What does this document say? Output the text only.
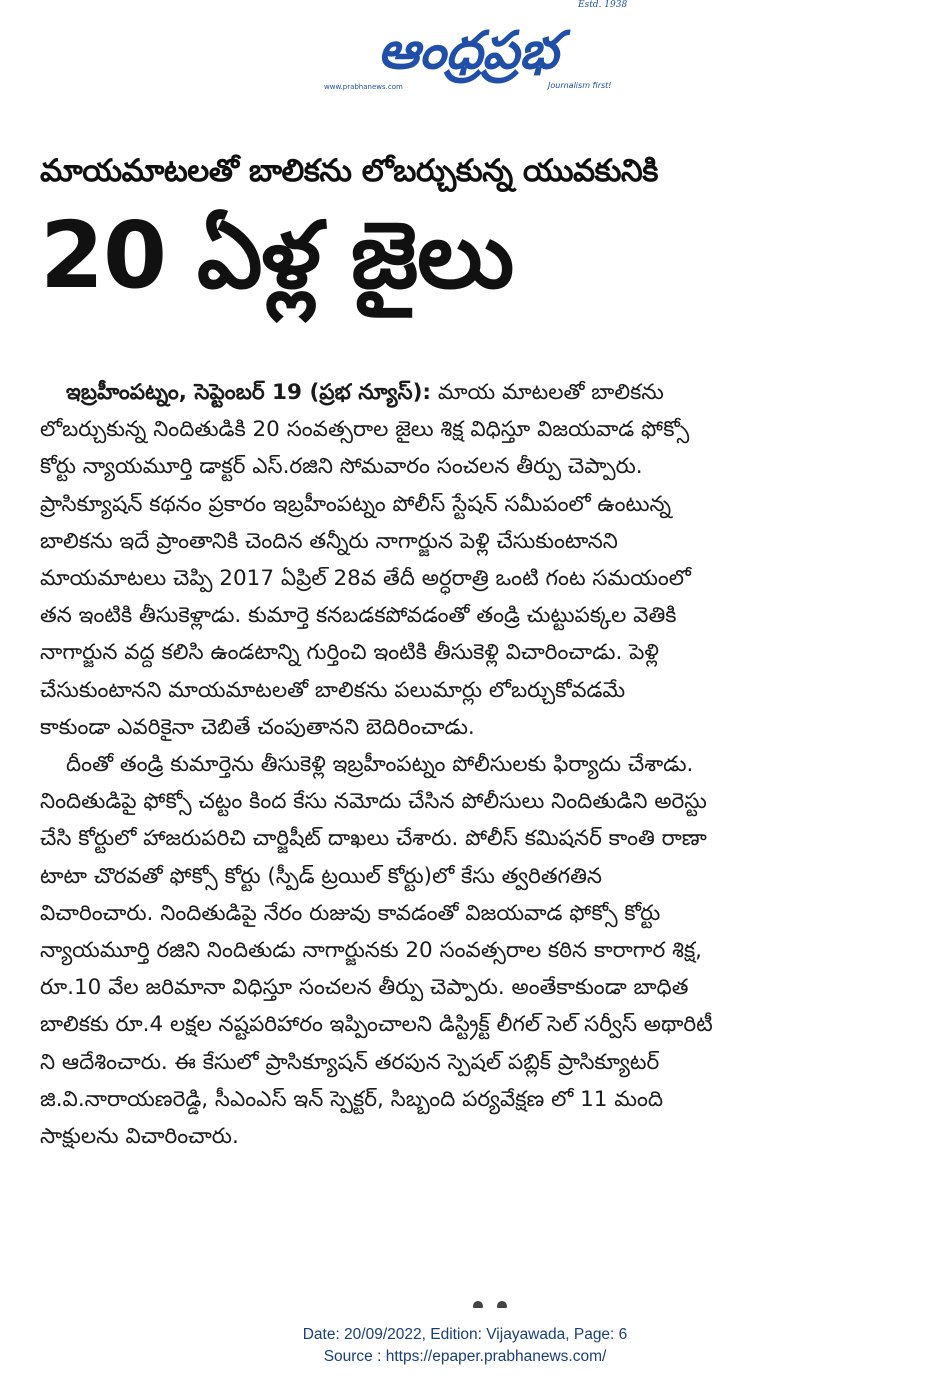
ఆంధ్రప్రభ
Estd. 1938
www.prabhanews.com	Journalism first!
మాయమాటలతో బాలికను లోబర్చుకున్న యువకునికి
20 ఏళ్ల జైలు

ఇబ్రహీంపట్నం, సెప్టెంబర్ 19 (ప్రభ న్యూస్): మాయ మాటలతో బాలికను

లోబర్చుకున్న నిందితుడికి 20 సంవత్సరాల జైలు శిక్ష విధిస్తూ విజయవాడ ఫోక్సో

కోర్టు న్యాయమూర్తి డాక్టర్ ఎస్.రజిని సోమవారం సంచలన తీర్పు చెప్పారు.

ప్రాసిక్యూషన్ కథనం ప్రకారం ఇబ్రహీంపట్నం పోలీస్ స్టేషన్ సమీపంలో ఉంటున్న

బాలికను ఇదే ప్రాంతానికి చెందిన తన్నీరు నాగార్జున పెళ్లి చేసుకుంటానని

మాయమాటలు చెప్పి 2017 ఏప్రిల్ 28వ తేదీ అర్ధరాత్రి ఒంటి గంట సమయంలో

తన ఇంటికి తీసుకెళ్లాడు. కుమార్తె కనబడకపోవడంతో తండ్రి చుట్టుపక్కల వెతికి

నాగార్జున వద్ద కలిసి ఉండటాన్ని గుర్తించి ఇంటికి తీసుకెళ్లి విచారించాడు. పెళ్లి

చేసుకుంటానని మాయమాటలతో బాలికను పలుమార్లు లోబర్చుకోవడమే

కాకుండా ఎవరికైనా చెబితే చంపుతానని బెదిరించాడు.

దీంతో తండ్రి కుమార్తెను తీసుకెళ్లి ఇబ్రహీంపట్నం పోలీసులకు ఫిర్యాదు చేశాడు.

నిందితుడిపై ఫోక్సో చట్టం కింద కేసు నమోదు చేసిన పోలీసులు నిందితుడిని అరెస్టు

చేసి కోర్టులో హాజరుపరిచి చార్జిషీట్ దాఖలు చేశారు. పోలీస్ కమిషనర్ కాంతి రాణా

టాటా చొరవతో ఫోక్సో కోర్టు (స్పీడ్ ట్రయిల్ కోర్టు)లో కేసు త్వరితగతిన

విచారించారు. నిందితుడిపై నేరం రుజువు కావడంతో విజయవాడ ఫోక్సో కోర్టు

న్యాయమూర్తి రజిని నిందితుడు నాగార్జునకు 20 సంవత్సరాల కఠిన కారాగార శిక్ష,

రూ.10 వేల జరిమానా విధిస్తూ సంచలన తీర్పు చెప్పారు. అంతేకాకుండా బాధిత

బాలికకు రూ.4 లక్షల నష్టపరిహారం ఇప్పించాలని డిస్ట్రిక్ట్ లీగల్ సెల్ సర్వీస్ అథారిటీ

ని ఆదేశించారు. ఈ కేసులో ప్రాసిక్యూషన్ తరపున స్పెషల్ పబ్లిక్ ప్రాసిక్యూటర్

జి.వి.నారాయణరెడ్డి, సీఎంఎస్ ఇన్ స్పెక్టర్, సిబ్బంది పర్యవేక్షణ లో 11 మంది

సాక్షులను విచారించారు.

Date: 20/09/2022, Edition: Vijayawada, Page: 6
Source : https://epaper.prabhanews.com/
